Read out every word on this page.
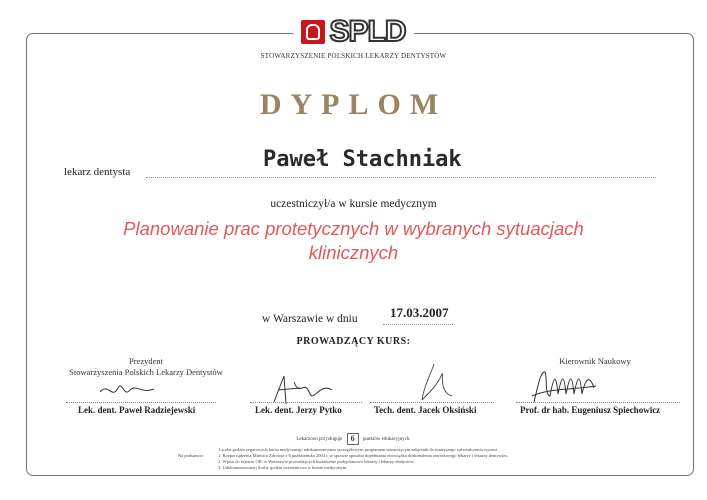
SPLD
STOWARZYSZENIE POLSKICH LEKARZY DENTYSTÓW
DYPLOM
lekarz dentysta	Paweł Stachniak
uczestniczył/a w kursie medycznym
Planowanie prac protetycznych w wybranych sytuacjach
klinicznych
w Warszawie w dniu 17.03.2007
PROWADZĄCY KURS:
Prezydent
Stowarzyszenia Polskich Lekarzy Dentystów
Kierownik Naukowy
Lek. dent. Paweł Radziejewski	Lek. dent. Jerzy Pytko	Tech. dent. Jacek Oksiński	Prof. dr hab. Eugeniusz Spiechowicz
Lekarzowi przysługuje 6 punktów edukacyjnych.
Liczba godzin zegarowych kursu medycznego udokumentowana szczegółowym programem stanowiącym załącznik do niniejszego zaświadczenia wynosi
Na podstawie:	1. Rozporządzenia Ministra Zdrowia z 6 października 2004 r. w sprawie sposobu dopełniania obowiązku doskonalenia zawodowego lekarzy i lekarzy dentystów,
2. Wpisu do rejestru OIL w Warszawie prowadzących kształcenie podyplomowe lekarzy i lekarzy dentystów,
3. Udokumentowanej liczby godzin uczestnictwa w kursie medycznym.
